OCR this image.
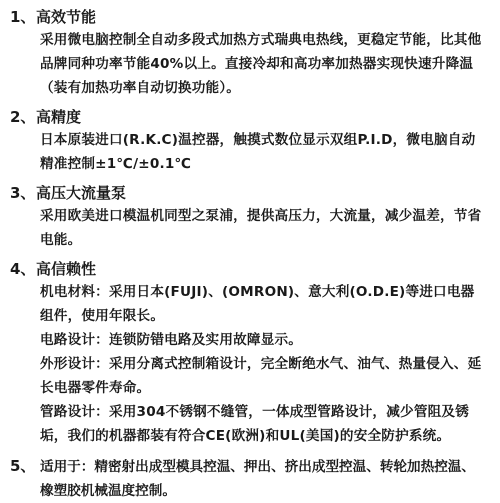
1、高效节能

采用微电脑控制全自动多段式加热方式瑞典电热线，更稳定节能，比其他品牌同种功率节能40%以上。直接冷却和高功率加热器实现快速升降温（装有加热功率自动切换功能）。

2、高精度

日本原装进口(R.K.C)温控器，触摸式数位显示双组P.I.D，微电脑自动精准控制±1℃/±0.1℃

3、高压大流量泵

采用欧美进口模温机同型之泵浦，提供高压力，大流量，减少温差，节省电能。

4、高信赖性

机电材料：采用日本(FUJI)、(OMRON)、意大利(O.D.E)等进口电器组件，使用年限长。

电路设计：连锁防错电路及实用故障显示。

外形设计：采用分离式控制箱设计，完全断绝水气、油气、热量侵入、延长电器零件寿命。

管路设计：采用304不锈钢不缝管，一体成型管路设计，减少管阻及锈垢，我们的机器都装有符合CE(欧洲)和UL(美国)的安全防护系统。

5、 适用于：精密射出成型模具控温、押出、挤出成型控温、转轮加热控温、橡塑胶机械温度控制。
